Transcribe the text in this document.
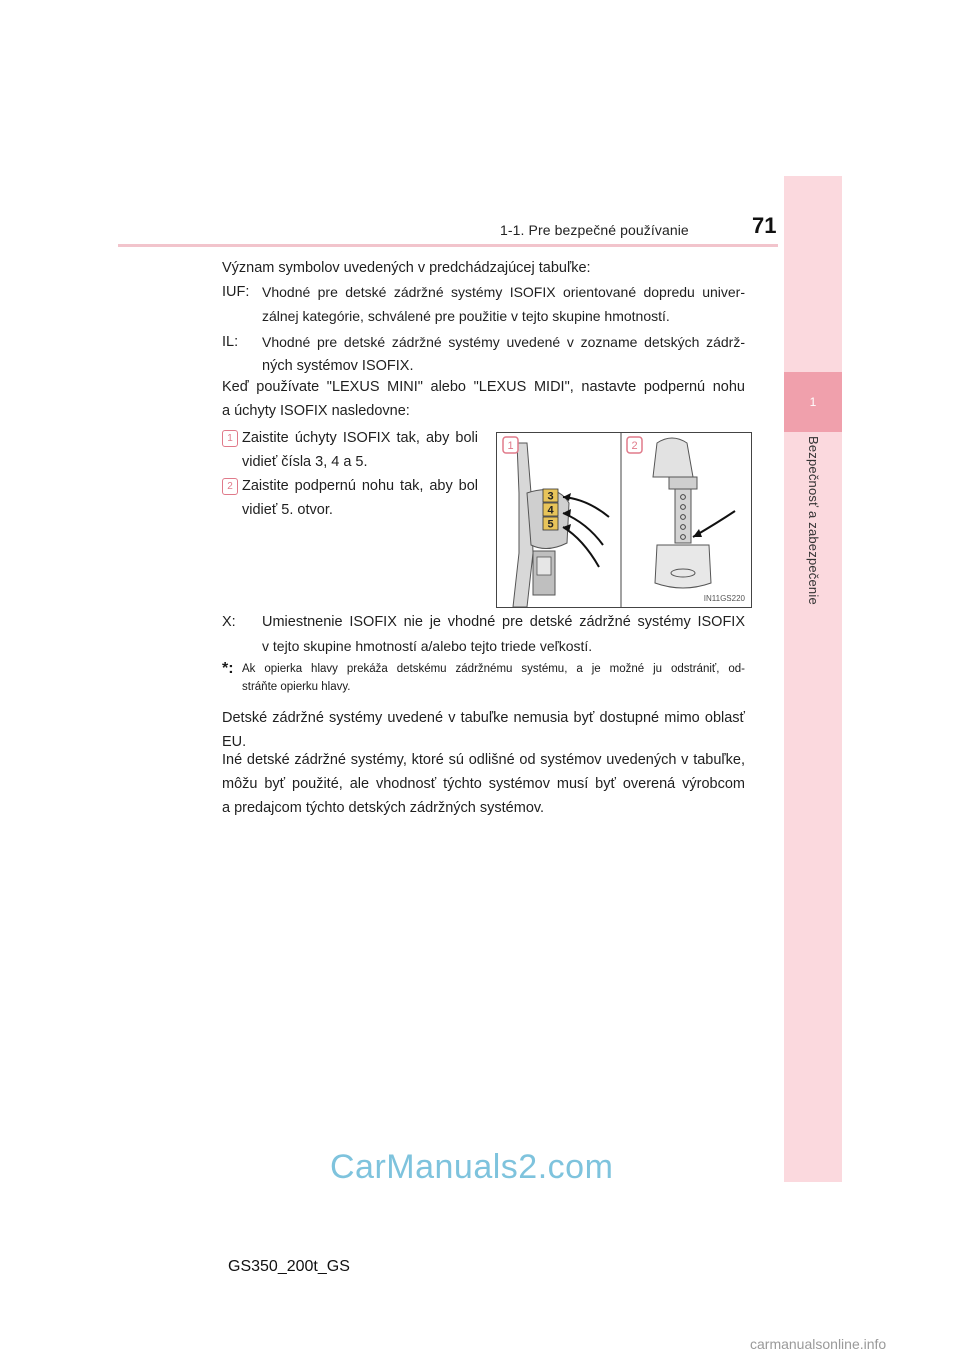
1-1. Pre bezpečné používanie	71
1
Bezpečnosť a zabezpečenie
Význam symbolov uvedených v predchádzajúcej tabuľke:
IUF: Vhodné pre detské zádržné systémy ISOFIX orientované dopredu univer-
zálnej kategórie, schválené pre použitie v tejto skupine hmotností.
IL:	Vhodné pre detské zádržné systémy uvedené v zozname detských zádrž-
ných systémov ISOFIX.
Keď používate "LEXUS MINI" alebo "LEXUS MIDI", nastavte podpernú nohu
a úchyty ISOFIX nasledovne:
1 Zaistite úchyty ISOFIX tak, aby boli
vidieť čísla 3, 4 a 5.
2 Zaistite podpernú nohu tak, aby bol
vidieť 5. otvor.
3
4
5
1	2
IN11GS220
X:	Umiestnenie ISOFIX nie je vhodné pre detské zádržné systémy ISOFIX
v tejto skupine hmotností a/alebo tejto triede veľkostí.
*: Ak opierka hlavy prekáža detskému zádržnému systému, a je možné ju odstrániť, od-
stráňte opierku hlavy.
Detské zádržné systémy uvedené v tabuľke nemusia byť dostupné mimo oblasť
EU.
Iné detské zádržné systémy, ktoré sú odlišné od systémov uvedených v tabuľke,
môžu byť použité, ale vhodnosť týchto systémov musí byť overená výrobcom
a predajcom týchto detských zádržných systémov.
GS350_200t_GS
CarManuals2.com
carmanualsonline.info
